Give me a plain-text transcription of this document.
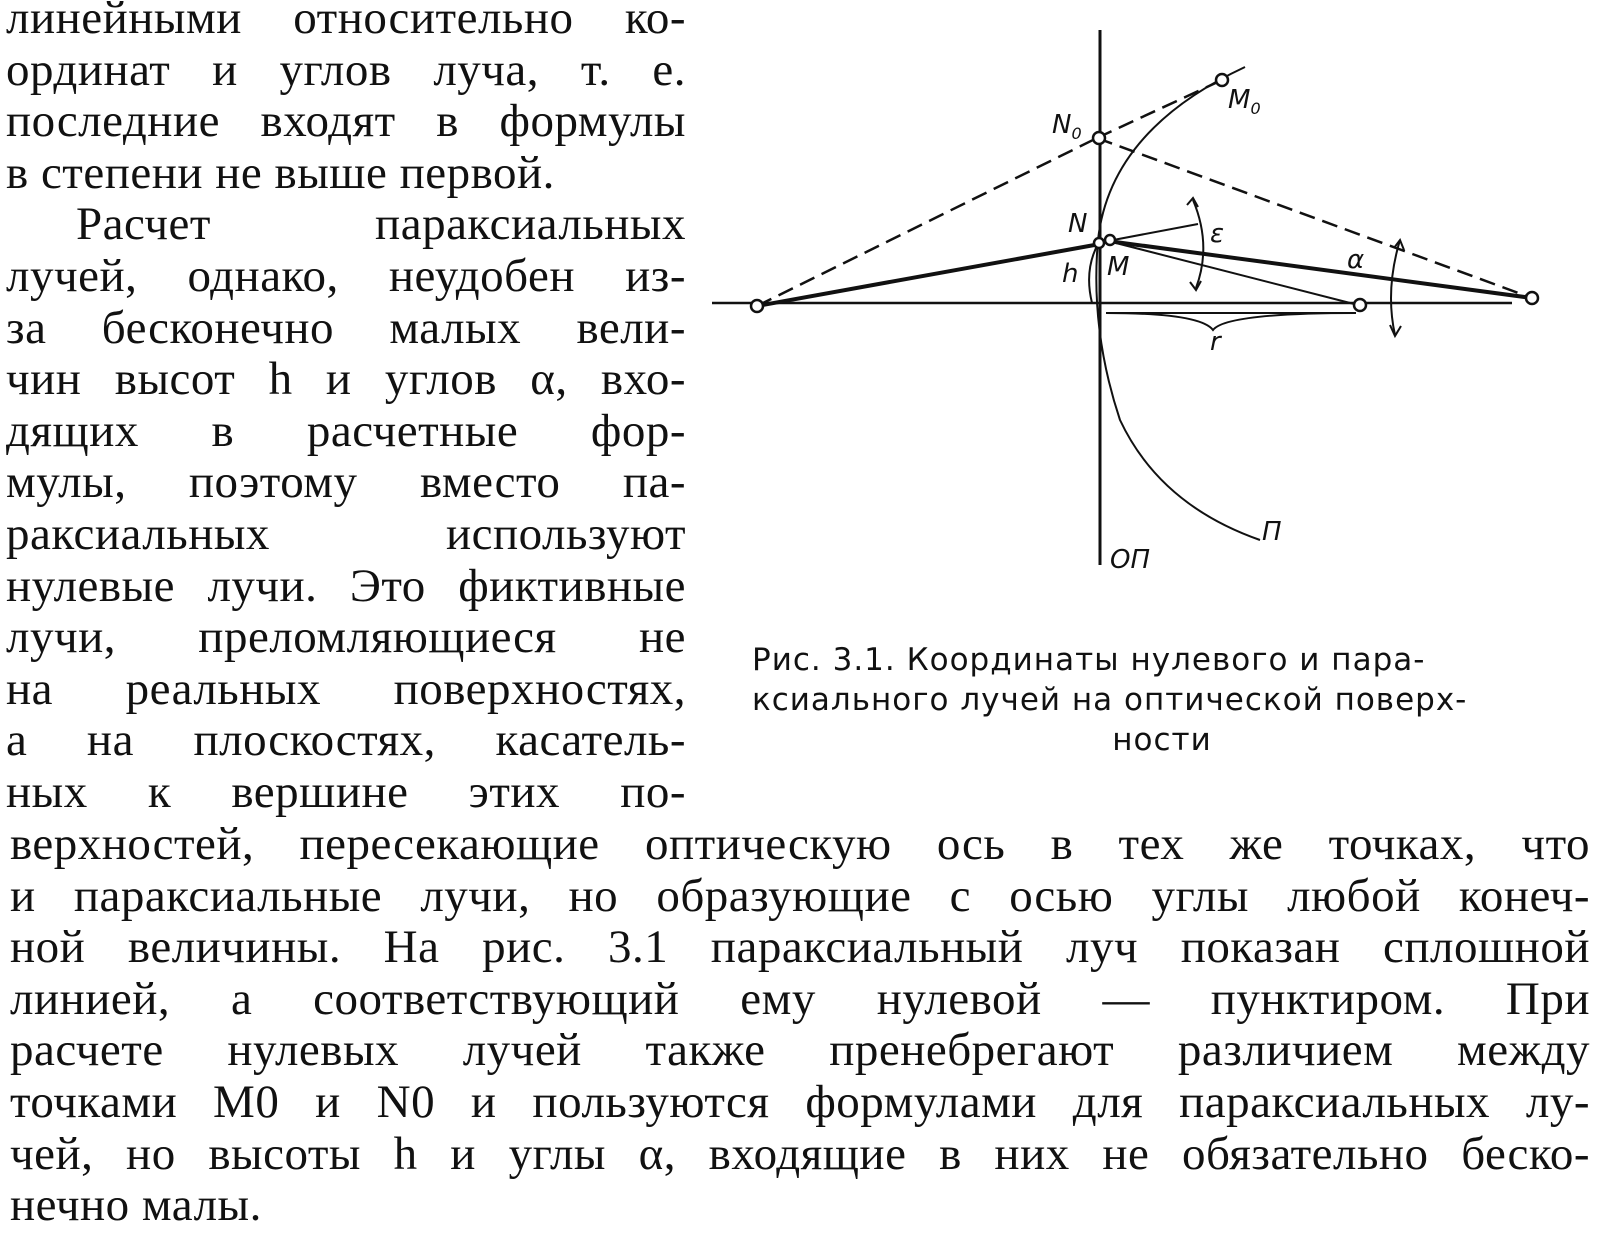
$N_0$
$M_0$
N
M
h
ε
α
r
П
ОП
Рис. 3.1. Координаты нулевого и пара-
ксиального лучей на оптической поверх-
ности
линейными относительно ко-
ординат и углов луча, т. е.
последние входят в формулы
в степени не выше первой.
Расчет параксиальных
лучей, однако, неудобен из-
за бесконечно малых вели-
чин высот h и углов α, вхо-
дящих в расчетные фор-
мулы, поэтому вместо па-
раксиальных используют
нулевые лучи. Это фиктивные
лучи, преломляющиеся не
на реальных поверхностях,
а на плоскостях, касатель-
ных к вершине этих по-
верхностей, пересекающие оптическую ось в тех же точках, что
и параксиальные лучи, но образующие с осью углы любой конеч-
ной величины. На рис. 3.1 параксиальный луч показан сплошной
линией, а соответствующий ему нулевой — пунктиром. При
расчете нулевых лучей также пренебрегают различием между
точками M0 и N0 и пользуются формулами для параксиальных лу-
чей, но высоты h и углы α, входящие в них не обязательно беско-
нечно малы.
